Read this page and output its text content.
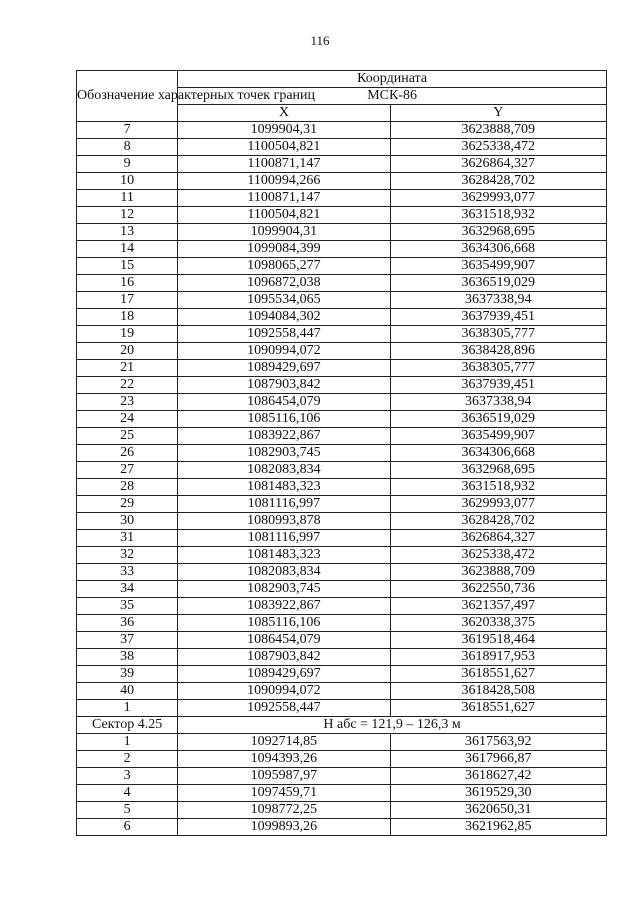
116
Обозначение характерных точек границ	Координата	
	МСК-86	
	X	Y
7	1099904,31	3623888,709
8	1100504,821	3625338,472
9	1100871,147	3626864,327
10	1100994,266	3628428,702
11	1100871,147	3629993,077
12	1100504,821	3631518,932
13	1099904,31	3632968,695
14	1099084,399	3634306,668
15	1098065,277	3635499,907
16	1096872,038	3636519,029
17	1095534,065	3637338,94
18	1094084,302	3637939,451
19	1092558,447	3638305,777
20	1090994,072	3638428,896
21	1089429,697	3638305,777
22	1087903,842	3637939,451
23	1086454,079	3637338,94
24	1085116,106	3636519,029
25	1083922,867	3635499,907
26	1082903,745	3634306,668
27	1082083,834	3632968,695
28	1081483,323	3631518,932
29	1081116,997	3629993,077
30	1080993,878	3628428,702
31	1081116,997	3626864,327
32	1081483,323	3625338,472
33	1082083,834	3623888,709
34	1082903,745	3622550,736
35	1083922,867	3621357,497
36	1085116,106	3620338,375
37	1086454,079	3619518,464
38	1087903,842	3618917,953
39	1089429,697	3618551,627
40	1090994,072	3618428,508
1	1092558,447	3618551,627
Сектор 4.25	Н абс = 121,9 – 126,3 м	
1	1092714,85	3617563,92
2	1094393,26	3617966,87
3	1095987,97	3618627,42
4	1097459,71	3619529,30
5	1098772,25	3620650,31
6	1099893,26	3621962,85
